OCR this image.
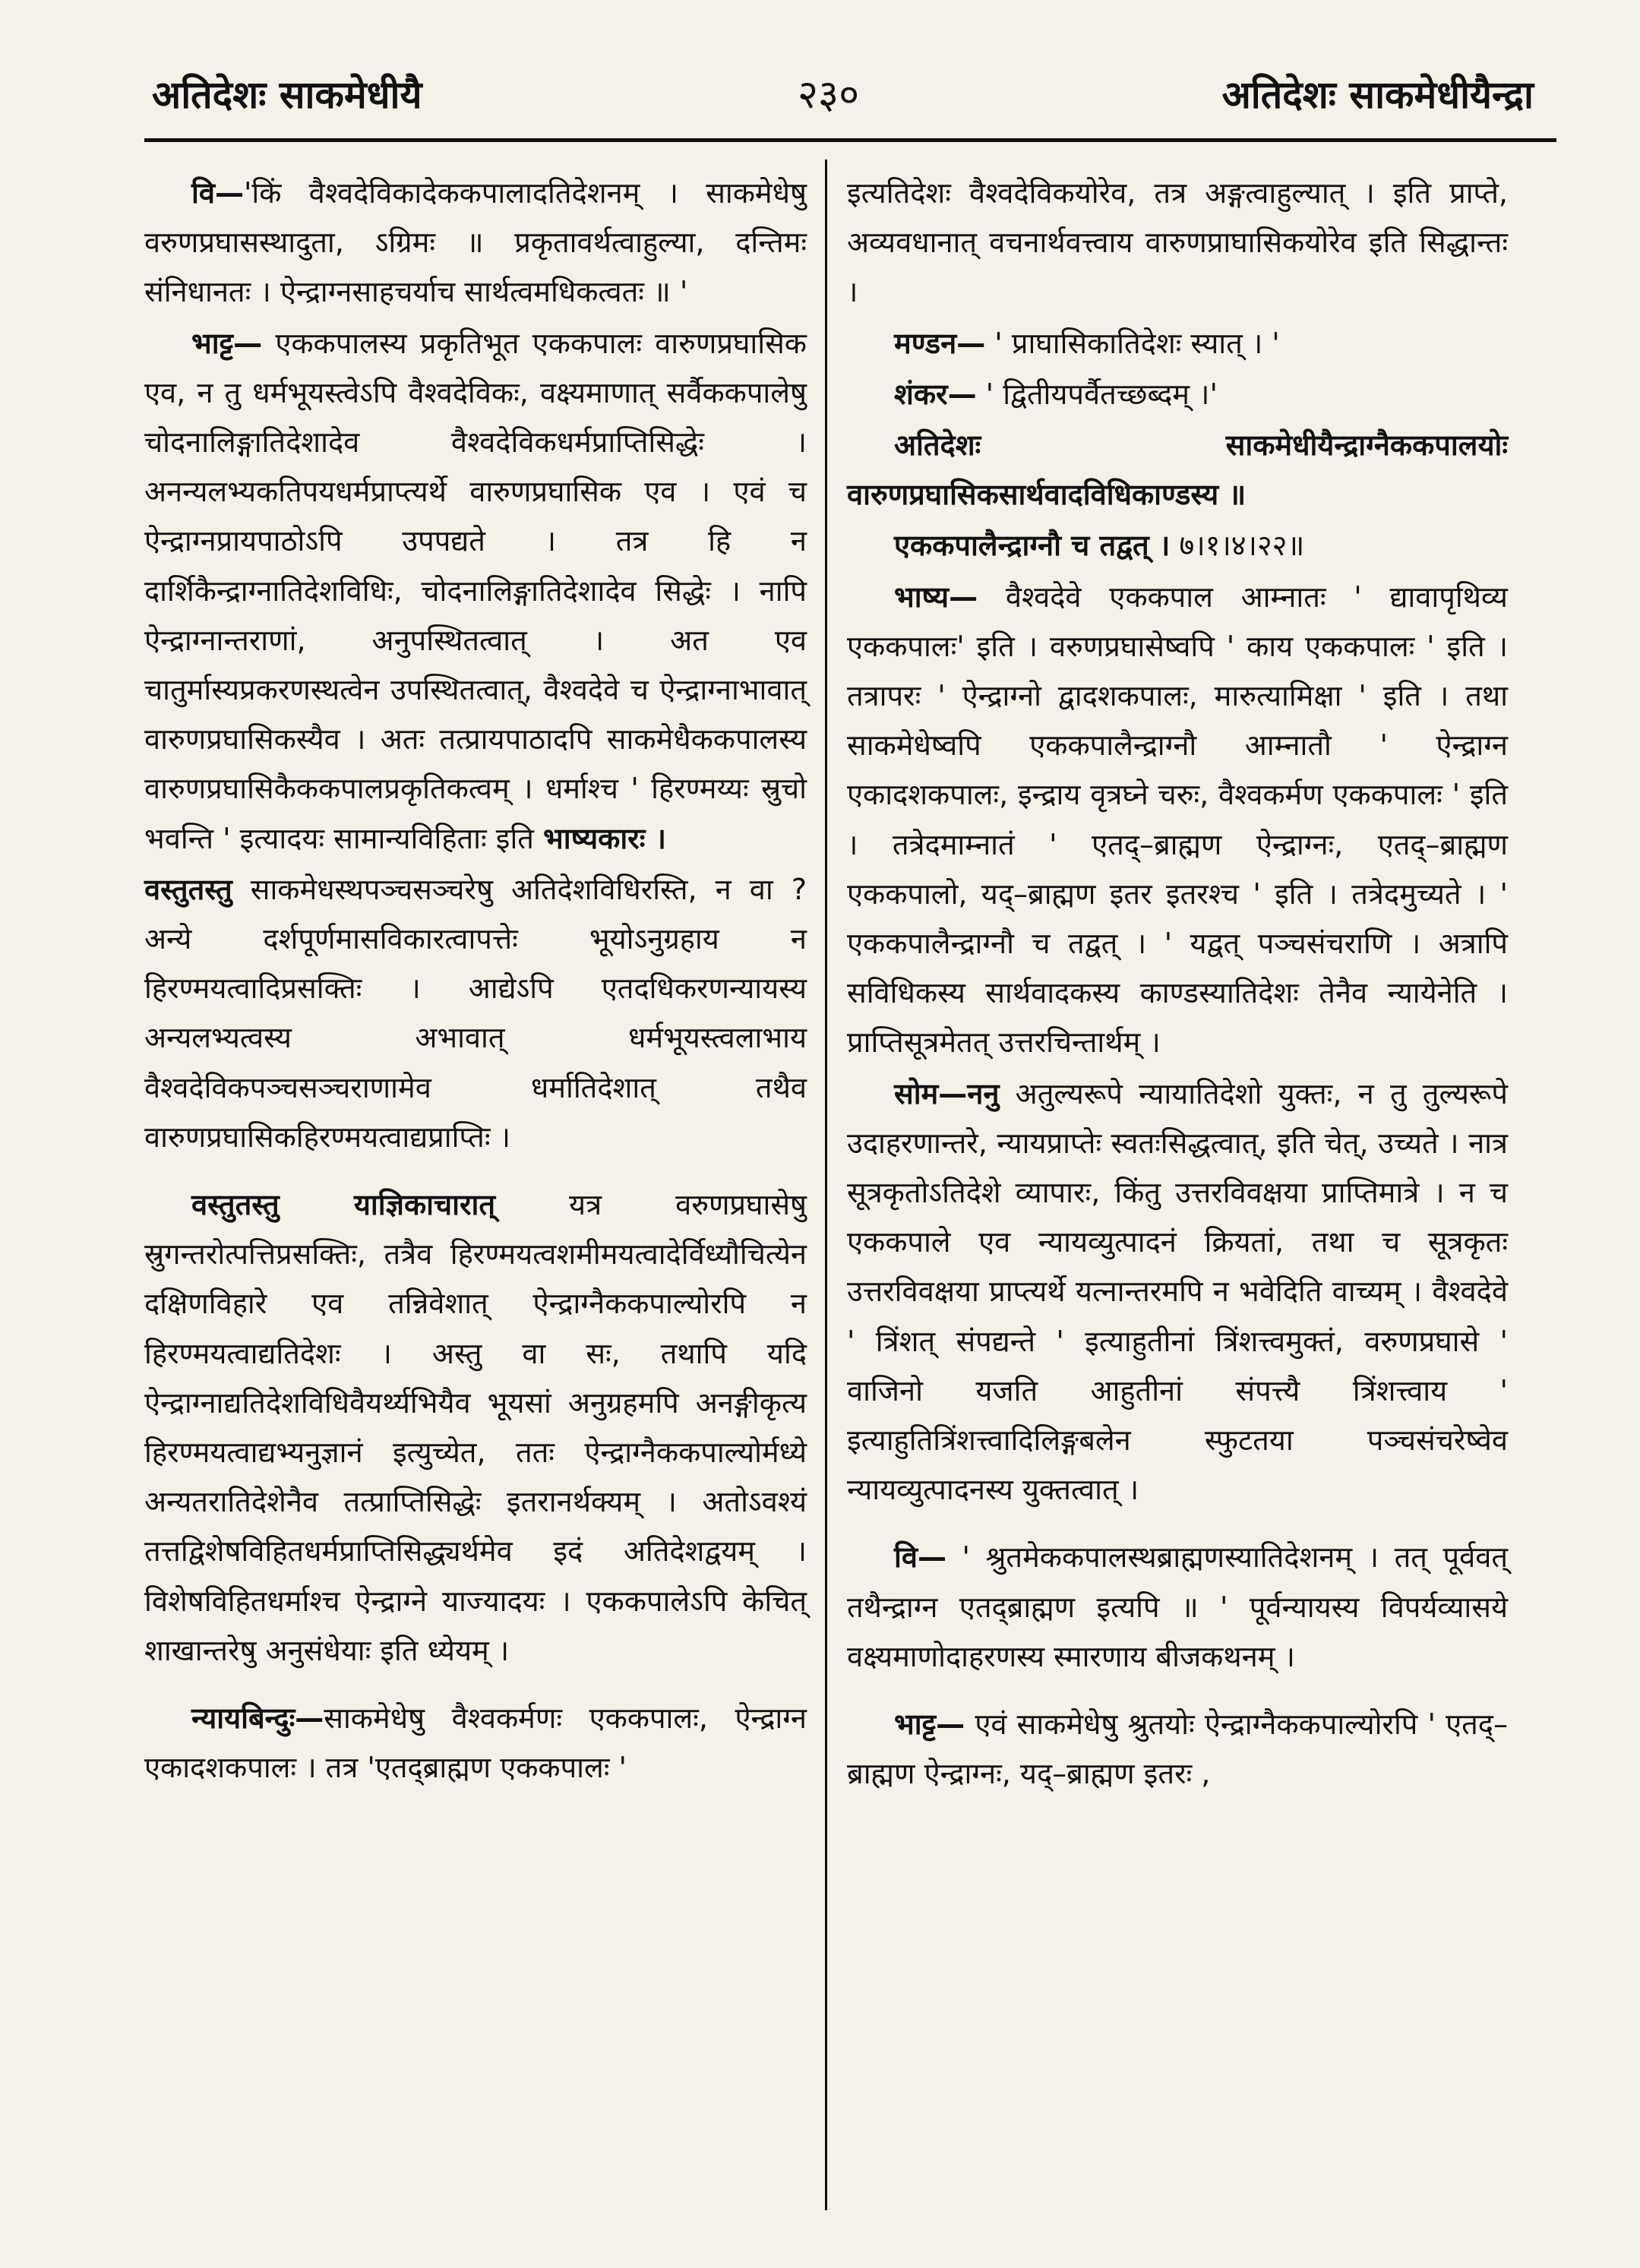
अतिदेशः साकमेधीयै	२३०	अतिदेशः साकमेधीयैन्द्रा

वि—'किं वैश्वदेविकादेककपालादतिदेशनम् । साकमेधेषु वरुणप्रघासस्थादुता, ऽग्रिमः ॥ प्रकृतावर्थत्वाहुल्या, दन्तिमः संनिधानतः । ऐन्द्राग्नसाहचर्याच सार्थत्वमधिकत्वतः ॥ '

भाट्ट— एककपालस्य प्रकृतिभूत एककपालः वारुणप्रघासिक एव, न तु धर्मभूयस्त्वेऽपि वैश्वदेविकः, वक्ष्यमाणात् सर्वैककपालेषु चोदनालिङ्गातिदेशादेव वैश्वदेविकधर्मप्राप्तिसिद्धेः । अनन्यलभ्यकतिपयधर्मप्राप्त्यर्थे वारुणप्रघासिक एव । एवं च ऐन्द्राग्नप्रायपाठोऽपि उपपद्यते । तत्र हि न दार्शिकैन्द्राग्नातिदेशविधिः, चोदनालिङ्गातिदेशादेव सिद्धेः । नापि ऐन्द्राग्नान्तराणां, अनुपस्थितत्वात् । अत एव चातुर्मास्यप्रकरणस्थत्वेन उपस्थितत्वात्, वैश्वदेवे च ऐन्द्राग्नाभावात् वारुणप्रघासिकस्यैव । अतः तत्प्रायपाठादपि साकमेधैककपालस्य वारुणप्रघासिकैककपालप्रकृतिकत्वम् । धर्माश्च ' हिरण्मय्यः स्रुचो भवन्ति ' इत्यादयः सामान्यविहिताः इति भाष्यकारः ।

वस्तुतस्तु साकमेधस्थपञ्चसञ्चरेषु अतिदेशविधिरस्ति, न वा ? अन्ये दर्शपूर्णमासविकारत्वापत्तेः भूयोऽनुग्रहाय न हिरण्मयत्वादिप्रसक्तिः । आद्येऽपि एतदधिकरणन्यायस्य अन्यलभ्यत्वस्य अभावात् धर्मभूयस्त्वलाभाय वैश्वदेविकपञ्चसञ्चराणामेव धर्मातिदेशात् तथैव वारुणप्रघासिकहिरण्मयत्वाद्यप्राप्तिः ।

वस्तुतस्तु याज्ञिकाचारात्	यत्र वरुणप्रघासेषु स्रुगन्तरोत्पत्तिप्रसक्तिः, तत्रैव हिरण्मयत्वशमीमयत्वादेर्विध्यौचित्येन दक्षिणविहारे एव तन्निवेशात् ऐन्द्राग्नैककपाल्योरपि न हिरण्मयत्वाद्यतिदेशः । अस्तु वा सः, तथापि यदि ऐन्द्राग्नाद्यतिदेशविधिवैयर्थ्यभियैव भूयसां अनुग्रहमपि अनङ्गीकृत्य हिरण्मयत्वाद्यभ्यनुज्ञानं इत्युच्येत, ततः ऐन्द्राग्नैककपाल्योर्मध्ये अन्यतरातिदेशेनैव तत्प्राप्तिसिद्धेः इतरानर्थक्यम् । अतोऽवश्यं तत्तद्विशेषविहितधर्मप्राप्तिसिद्ध्यर्थमेव इदं अतिदेशद्वयम् । विशेषविहितधर्माश्च ऐन्द्राग्ने याज्यादयः । एककपालेऽपि केचित् शाखान्तरेषु अनुसंधेयाः इति ध्येयम् ।

न्यायबिन्दुः—साकमेधेषु वैश्वकर्मणः एककपालः, ऐन्द्राग्न एकादशकपालः । तत्र 'एतद्ब्राह्मण एककपालः '

इत्यतिदेशः वैश्वदेविकयोरेव, तत्र अङ्गत्वाहुल्यात् । इति प्राप्ते, अव्यवधानात् वचनार्थवत्त्वाय वारुणप्राघासिकयोरेव इति सिद्धान्तः ।

मण्डन— ' प्राघासिकातिदेशः स्यात् । '

शंकर— ' द्वितीयपर्वैतच्छब्दम् ।'

अतिदेशः साकमेधीयैन्द्राग्नैककपालयोः वारुणप्रघासिकसार्थवादविधिकाण्डस्य ॥

एककपालैन्द्राग्नौ च तद्वत् । ७।१।४।२२॥

भाष्य— वैश्वदेवे एककपाल आम्नातः ' द्यावापृथिव्य एककपालः' इति । वरुणप्रघासेष्वपि ' काय एककपालः ' इति । तत्रापरः ' ऐन्द्राग्नो द्वादशकपालः, मारुत्यामिक्षा ' इति । तथा साकमेधेष्वपि एककपालैन्द्राग्नौ आम्नातौ ' ऐन्द्राग्न एकादशकपालः, इन्द्राय वृत्रघ्ने चरुः, वैश्वकर्मण एककपालः ' इति । तत्रेदमाम्नातं ' एतद्–ब्राह्मण ऐन्द्राग्नः, एतद्–ब्राह्मण एककपालो, यद्–ब्राह्मण इतर इतरश्च ' इति । तत्रेदमुच्यते । ' एककपालैन्द्राग्नौ च तद्वत् । ' यद्वत् पञ्चसंचराणि । अत्रापि सविधिकस्य सार्थवादकस्य काण्डस्यातिदेशः तेनैव न्यायेनेति । प्राप्तिसूत्रमेतत् उत्तरचिन्तार्थम् ।

सोम—ननु अतुल्यरूपे न्यायातिदेशो युक्तः, न तु तुल्यरूपे उदाहरणान्तरे, न्यायप्राप्तेः स्वतःसिद्धत्वात्, इति चेत्, उच्यते । नात्र सूत्रकृतोऽतिदेशे व्यापारः, किंतु उत्तरविवक्षया प्राप्तिमात्रे । न च एककपाले एव न्यायव्युत्पादनं क्रियतां, तथा च सूत्रकृतः उत्तरविवक्षया प्राप्त्यर्थे यत्नान्तरमपि न भवेदिति वाच्यम् । वैश्वदेवे ' त्रिंशत् संपद्यन्ते ' इत्याहुतीनां त्रिंशत्त्वमुक्तं, वरुणप्रघासे ' वाजिनो यजति आहुतीनां संपत्त्यै त्रिंशत्त्वाय ' इत्याहुतित्रिंशत्त्वादिलिङ्गबलेन स्फुटतया पञ्चसंचरेष्वेव न्यायव्युत्पादनस्य युक्तत्वात् ।

वि— ' श्रुतमेककपालस्थब्राह्मणस्यातिदेशनम् । तत् पूर्ववत् तथैन्द्राग्न एतद्ब्राह्मण इत्यपि ॥ ' पूर्वन्यायस्य विपर्यव्यासये वक्ष्यमाणोदाहरणस्य स्मारणाय बीजकथनम् ।

भाट्ट— एवं साकमेधेषु श्रुतयोः ऐन्द्राग्नैककपाल्योरपि ' एतद्–ब्राह्मण ऐन्द्राग्नः, यद्–ब्राह्मण इतरः ,
